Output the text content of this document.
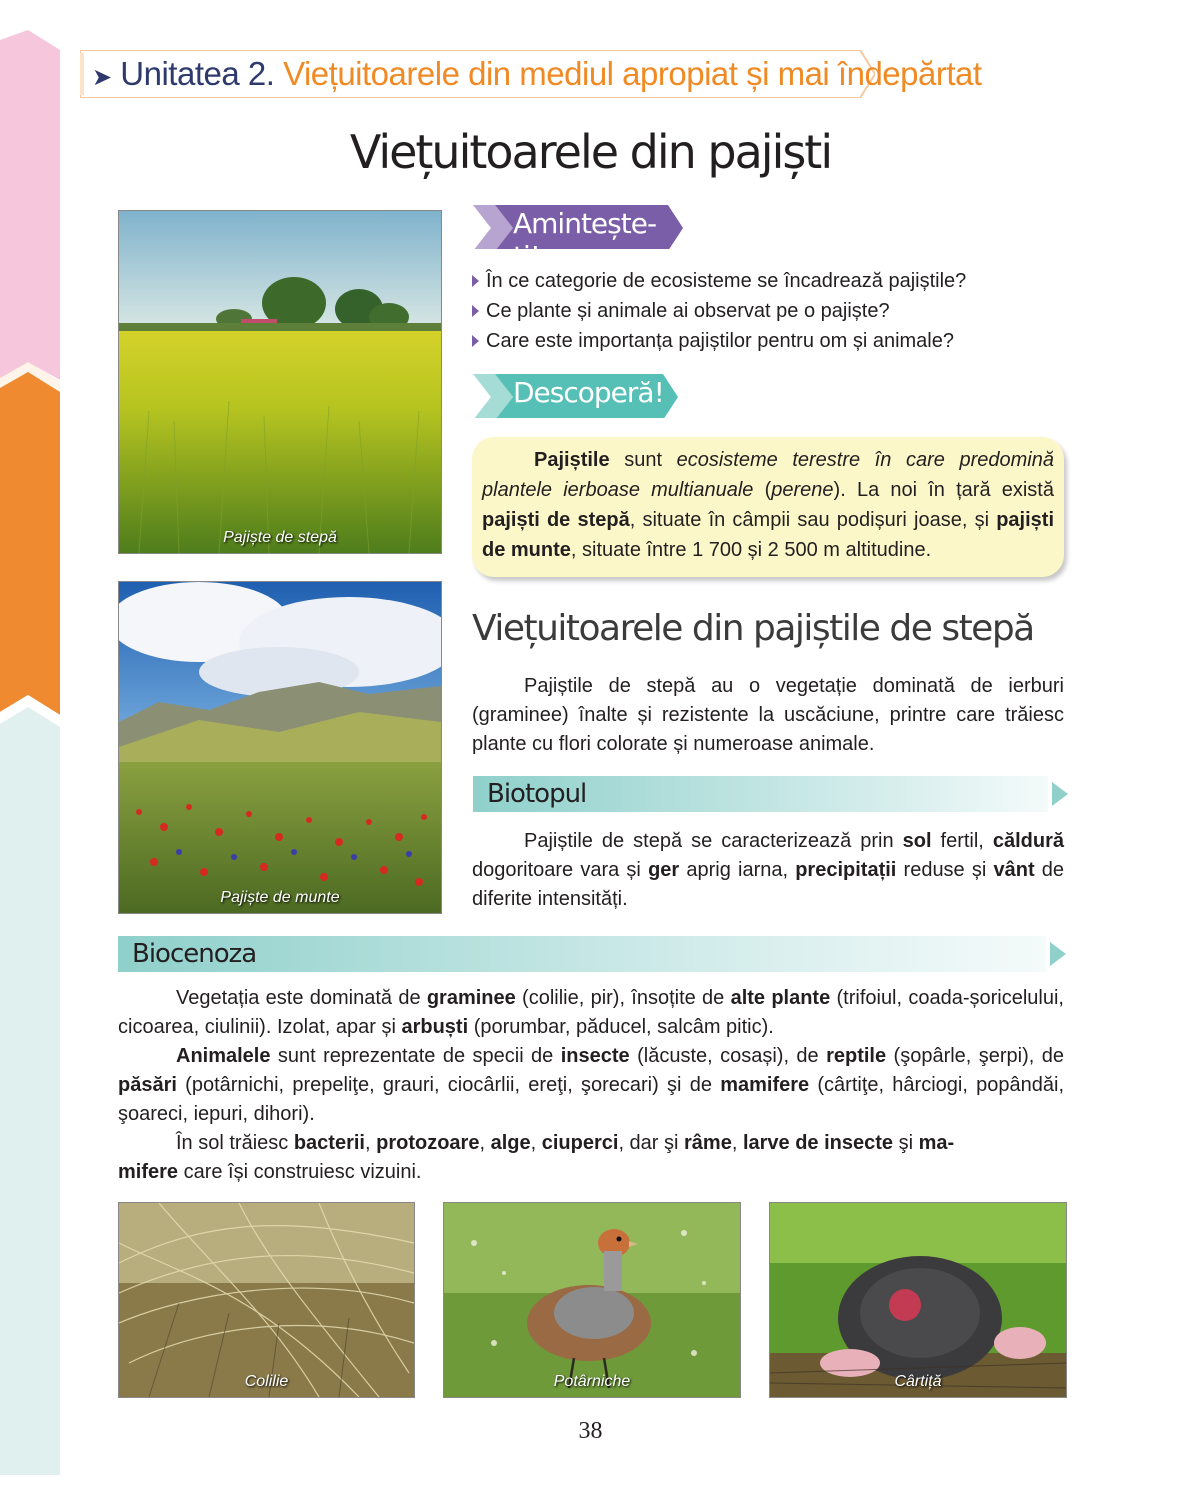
➤ Unitatea 2. Viețuitoarele din mediul apropiat și mai îndepărtat
Viețuitoarele din pajiști
Pajiște de stepă
Pajiște de munte
Amintește-ți!
În ce categorie de ecosisteme se încadrează pajiștile?
Ce plante și animale ai observat pe o pajiște?
Care este importanța pajiștilor pentru om și animale?
Descoperă!

Pajiștile sunt ecosisteme terestre în care predomină plantele ierboase multianuale (perene). La noi în țară există pajiști de stepă, situate în câmpii sau podișuri joase, și pajiști de munte, situate între 1 700 și 2 500 m altitudine.

Viețuitoarele din pajiștile de stepă

Pajiștile de stepă au o vegetație dominată de ierburi (graminee) înalte și rezistente la uscăciune, printre care trăiesc plante cu flori colorate și numeroase animale.

Biotopul

Pajiștile de stepă se caracterizează prin sol fertil, căldură dogoritoare vara și ger aprig iarna, precipitații reduse și vânt de diferite intensități.

Biocenoza
Vegetația este dominată de graminee (colilie, pir), însoțite de alte plante (trifoiul, coada-șoricelului, cicoarea, ciulinii). Izolat, apar și arbuști (porumbar, păducel, salcâm pitic).
Animalele sunt reprezentate de specii de insecte (lăcuste, cosași), de reptile (şopârle, şerpi), de păsări (potârnichi, prepeliţe, grauri, ciocârlii, ereţi, şorecari) şi de mamifere (cârtiţe, hârciogi, popândăi, şoareci, iepuri, dihori).
În sol trăiesc bacterii, protozoare, alge, ciuperci, dar şi râme, larve de insecte şi ma-
mifere care își construiesc vizuini.
Colilie	Potârniche	Cârtiță
38
